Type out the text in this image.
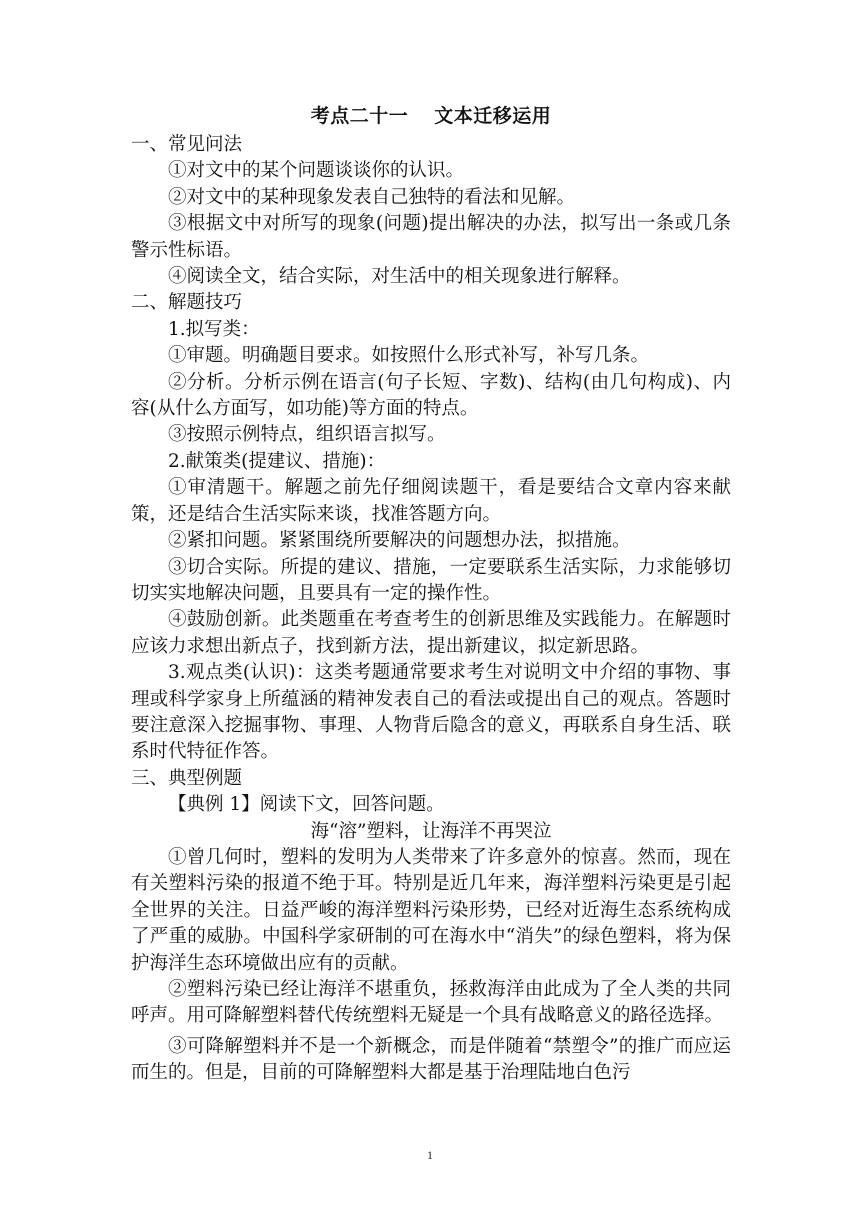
考点二十一 文本迁移运用
一、常见问法
①对文中的某个问题谈谈你的认识。
②对文中的某种现象发表自己独特的看法和见解。
③根据文中对所写的现象(问题)提出解决的办法，拟写出一条或几条警示性标语。
④阅读全文，结合实际，对生活中的相关现象进行解释。
二、解题技巧
1.拟写类：
①审题。明确题目要求。如按照什么形式补写，补写几条。
②分析。分析示例在语言(句子长短、字数)、结构(由几句构成)、内容(从什么方面写，如功能)等方面的特点。
③按照示例特点，组织语言拟写。
2.献策类(提建议、措施)：
①审清题干。解题之前先仔细阅读题干，看是要结合文章内容来献策，还是结合生活实际来谈，找准答题方向。
②紧扣问题。紧紧围绕所要解决的问题想办法，拟措施。
③切合实际。所提的建议、措施，一定要联系生活实际，力求能够切切实实地解决问题，且要具有一定的操作性。
④鼓励创新。此类题重在考查考生的创新思维及实践能力。在解题时应该力求想出新点子，找到新方法，提出新建议，拟定新思路。
3.观点类(认识)：这类考题通常要求考生对说明文中介绍的事物、事理或科学家身上所蕴涵的精神发表自己的看法或提出自己的观点。答题时要注意深入挖掘事物、事理、人物背后隐含的意义，再联系自身生活、联系时代特征作答。
三、典型例题
【典例 1】阅读下文，回答问题。
海“溶”塑料，让海洋不再哭泣
①曾几何时，塑料的发明为人类带来了许多意外的惊喜。然而，现在有关塑料污染的报道不绝于耳。特别是近几年来，海洋塑料污染更是引起全世界的关注。日益严峻的海洋塑料污染形势，已经对近海生态系统构成了严重的威胁。中国科学家研制的可在海水中“消失”的绿色塑料，将为保护海洋生态环境做出应有的贡献。
②塑料污染已经让海洋不堪重负，拯救海洋由此成为了全人类的共同呼声。用可降解塑料替代传统塑料无疑是一个具有战略意义的路径选择。
③可降解塑料并不是一个新概念，而是伴随着“禁塑令”的推广而应运而生的。但是，目前的可降解塑料大都是基于治理陆地白色污
1
